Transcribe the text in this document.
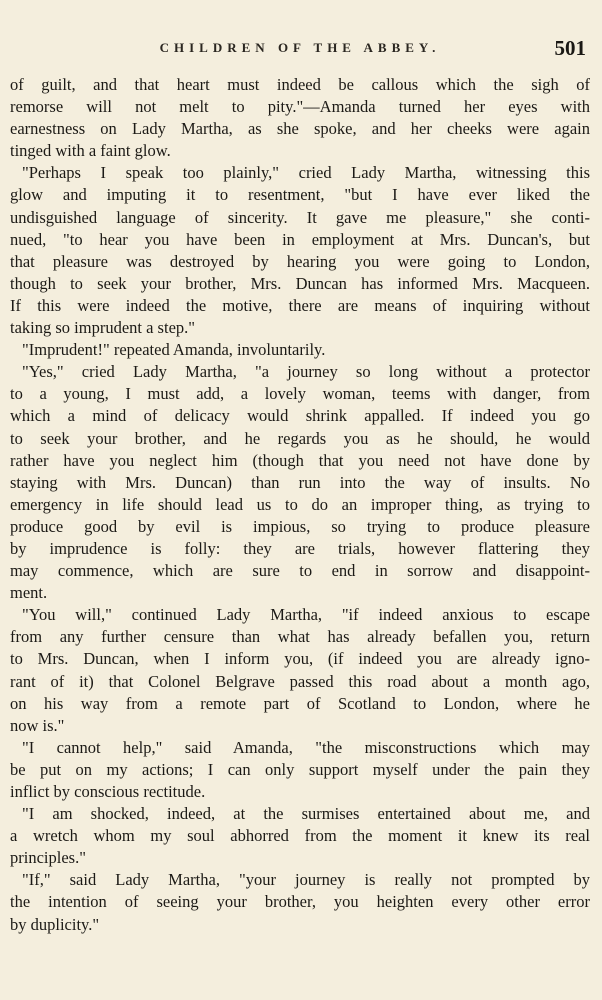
CHILDREN OF THE ABBEY.	501
of guilt, and that heart must indeed be callous which the sigh of
remorse will not melt to pity."—Amanda turned her eyes with
earnestness on Lady Martha, as she spoke, and her cheeks were again
tinged with a faint glow.
"Perhaps I speak too plainly," cried Lady Martha, witnessing this
glow and imputing it to resentment, "but I have ever liked the
undisguished language of sincerity. It gave me pleasure," she conti-
nued, "to hear you have been in employment at Mrs. Duncan's, but
that pleasure was destroyed by hearing you were going to London,
though to seek your brother, Mrs. Duncan has informed Mrs. Macqueen.
If this were indeed the motive, there are means of inquiring without
taking so imprudent a step."
"Imprudent!" repeated Amanda, involuntarily.
"Yes," cried Lady Martha, "a journey so long without a protector
to a young, I must add, a lovely woman, teems with danger, from
which a mind of delicacy would shrink appalled. If indeed you go
to seek your brother, and he regards you as he should, he would
rather have you neglect him (though that you need not have done by
staying with Mrs. Duncan) than run into the way of insults. No
emergency in life should lead us to do an improper thing, as trying to
produce good by evil is impious, so trying to produce pleasure
by imprudence is folly: they are trials, however flattering they
may commence, which are sure to end in sorrow and disappoint-
ment.
"You will," continued Lady Martha, "if indeed anxious to escape
from any further censure than what has already befallen you, return
to Mrs. Duncan, when I inform you, (if indeed you are already igno-
rant of it) that Colonel Belgrave passed this road about a month ago,
on his way from a remote part of Scotland to London, where he
now is."
"I cannot help," said Amanda, "the misconstructions which may
be put on my actions; I can only support myself under the pain they
inflict by conscious rectitude.
"I am shocked, indeed, at the surmises entertained about me, and
a wretch whom my soul abhorred from the moment it knew its real
principles."
"If," said Lady Martha, "your journey is really not prompted by
the intention of seeing your brother, you heighten every other error
by duplicity."
